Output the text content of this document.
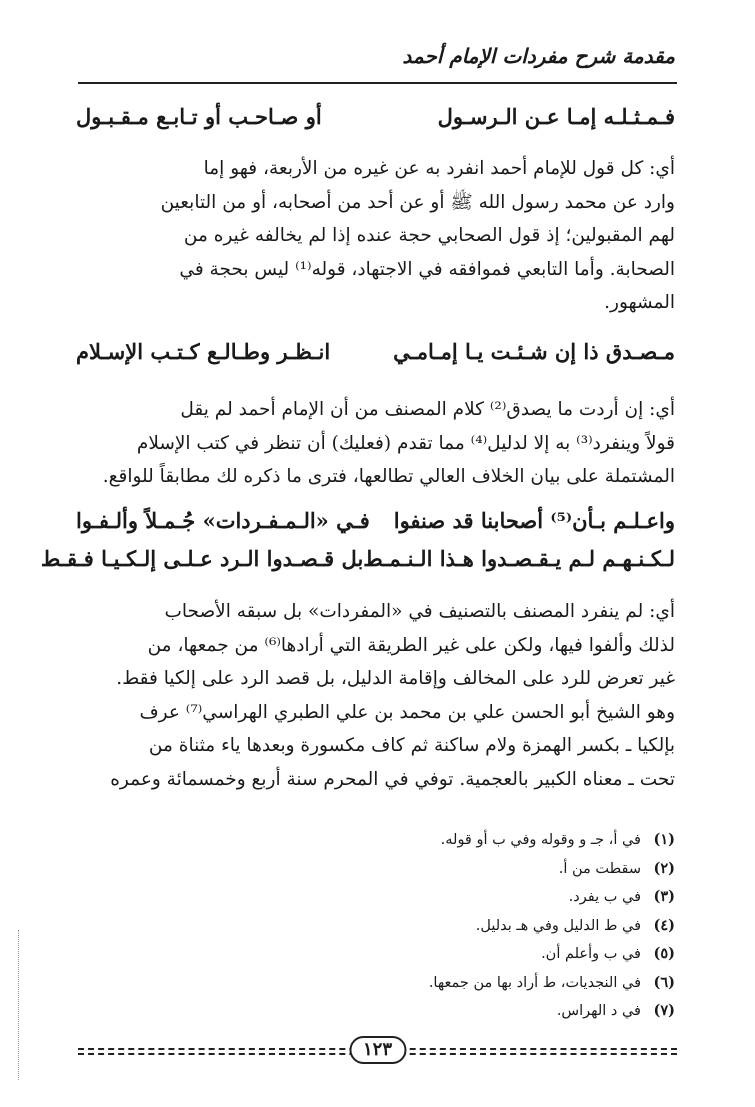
مقدمة شرح مفردات الإمام أحمد
فـمـثـلـه إمـا عـن الـرسـول
أو صـاحـب أو تـابـع مـقـبـول
أي: كل قول للإمام أحمد انفرد به عن غيره من الأربعة، فهو إما
وارد عن محمد رسول الله ﷺ أو عن أحد من أصحابه، أو من التابعين
لهم المقبولين؛ إذ قول الصحابي حجة عنده إذا لم يخالفه غيره من
الصحابة. وأما التابعي فموافقه في الاجتهاد، قوله⁽¹⁾ ليس بحجة في
المشهور.
مـصـدق ذا إن شـئـت يـا إمـامـي
انـظـر وطـالـع كـتـب الإسـلام
أي: إن أردت ما يصدق⁽²⁾ كلام المصنف من أن الإمام أحمد لم يقل
قولاً وينفرد⁽³⁾ به إلا لدليل⁽⁴⁾ مما تقدم (فعليك) أن تنظر في كتب الإسلام
المشتملة على بيان الخلاف العالي تطالعها، فترى ما ذكره لك مطابقاً للواقع.
واعـلـم بـأن⁽⁵⁾ أصحابنا قد صنفوا
فـي «الـمـفـردات» جُـمـلاً وألـفـوا
لـكـنـهـم لـم يـقـصـدوا هـذا الـنـمـط
بل قـصـدوا الـرد عـلـى إلـكـيـا فـقـط
أي: لم ينفرد المصنف بالتصنيف في «المفردات» بل سبقه الأصحاب
لذلك وألفوا فيها، ولكن على غير الطريقة التي أرادها⁽⁶⁾ من جمعها، من
غير تعرض للرد على المخالف وإقامة الدليل، بل قصد الرد على إلكيا فقط.
وهو الشيخ أبو الحسن علي بن محمد بن علي الطبري الهراسي⁽⁷⁾ عرف
بإلكيا ـ بكسر الهمزة ولام ساكنة ثم كاف مكسورة وبعدها ياء مثناة من
تحت ـ معناه الكبير بالعجمية. توفي في المحرم سنة أربع وخمسمائة وعمره
(١)
في أ، جـ و وقوله وفي ب أو قوله.
(٢)
سقطت من أ.
(٣)
في ب يفرد.
(٤)
في ط الدليل وفي هـ بدليل.
(٥)
في ب وأعلم أن.
(٦)
في النجديات، ط أراد بها من جمعها.
(٧)
في د الهراس.
١٢٣
